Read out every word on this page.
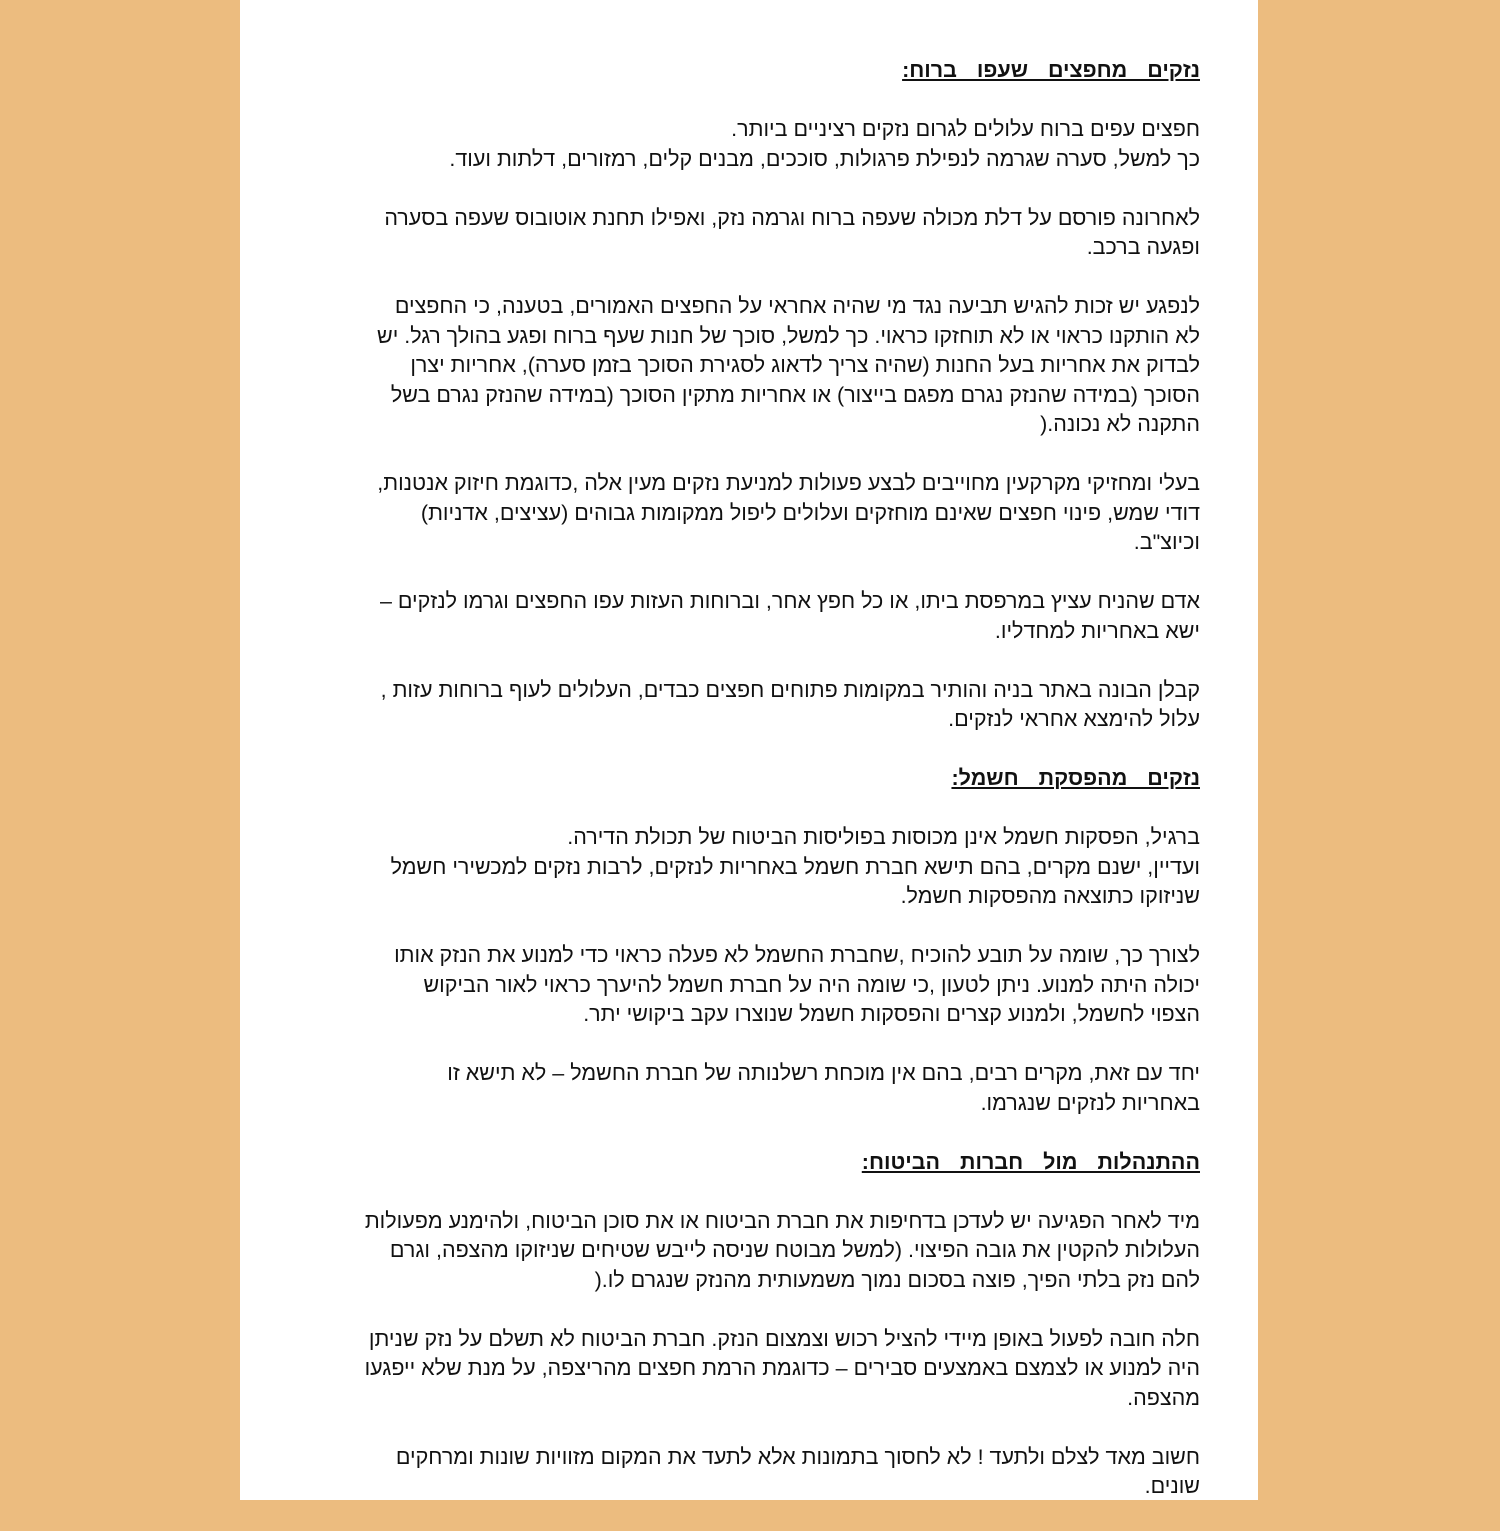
נזקים מחפצים שעפו ברוח:
חפצים עפים ברוח עלולים לגרום נזקים רציניים ביותר.
כך למשל, סערה שגרמה לנפילת פרגולות, סוככים, מבנים קלים, רמזורים, דלתות ועוד.
לאחרונה פורסם על דלת מכולה שעפה ברוח וגרמה נזק, ואפילו תחנת אוטובוס שעפה בסערה
ופגעה ברכב.
לנפגע יש זכות להגיש תביעה נגד מי שהיה אחראי על החפצים האמורים, בטענה, כי החפצים
לא הותקנו כראוי או לא תוחזקו כראוי. כך למשל, סוכך של חנות שעף ברוח ופגע בהולך רגל. יש
לבדוק את אחריות בעל החנות (שהיה צריך לדאוג לסגירת הסוכך בזמן סערה), אחריות יצרן
הסוכך (במידה שהנזק נגרם מפגם בייצור) או אחריות מתקין הסוכך (במידה שהנזק נגרם בשל
התקנה לא נכונה.(
בעלי ומחזיקי מקרקעין מחוייבים לבצע פעולות למניעת נזקים מעין אלה ,כדוגמת חיזוק אנטנות,
דודי שמש, פינוי חפצים שאינם מוחזקים ועלולים ליפול ממקומות גבוהים (עציצים, אדניות)
וכיוצ"ב.
אדם שהניח עציץ במרפסת ביתו, או כל חפץ אחר, וברוחות העזות עפו החפצים וגרמו לנזקים –
ישא באחריות למחדליו.
קבלן הבונה באתר בניה והותיר במקומות פתוחים חפצים כבדים, העלולים לעוף ברוחות עזות ,
עלול להימצא אחראי לנזקים.
נזקים מהפסקת חשמל:
ברגיל, הפסקות חשמל אינן מכוסות בפוליסות הביטוח של תכולת הדירה.
ועדיין, ישנם מקרים, בהם תישא חברת חשמל באחריות לנזקים, לרבות נזקים למכשירי חשמל
שניזוקו כתוצאה מהפסקות חשמל.
לצורך כך, שומה על תובע להוכיח ,שחברת החשמל לא פעלה כראוי כדי למנוע את הנזק אותו
יכולה היתה למנוע. ניתן לטעון ,כי שומה היה על חברת חשמל להיערך כראוי לאור הביקוש
הצפוי לחשמל, ולמנוע קצרים והפסקות חשמל שנוצרו עקב ביקושי יתר.
יחד עם זאת, מקרים רבים, בהם אין מוכחת רשלנותה של חברת החשמל – לא תישא זו
באחריות לנזקים שנגרמו.
ההתנהלות מול חברות הביטוח:
מיד לאחר הפגיעה יש לעדכן בדחיפות את חברת הביטוח או את סוכן הביטוח, ולהימנע מפעולות
העלולות להקטין את גובה הפיצוי. (למשל מבוטח שניסה לייבש שטיחים שניזוקו מהצפה, וגרם
להם נזק בלתי הפיך, פוצה בסכום נמוך משמעותית מהנזק שנגרם לו.(
חלה חובה לפעול באופן מיידי להציל רכוש וצמצום הנזק. חברת הביטוח לא תשלם על נזק שניתן
היה למנוע או לצמצם באמצעים סבירים – כדוגמת הרמת חפצים מהריצפה, על מנת שלא ייפגעו
מהצפה.
חשוב מאד לצלם ולתעד ! לא לחסוך בתמונות אלא לתעד את המקום מזוויות שונות ומרחקים
שונים.
